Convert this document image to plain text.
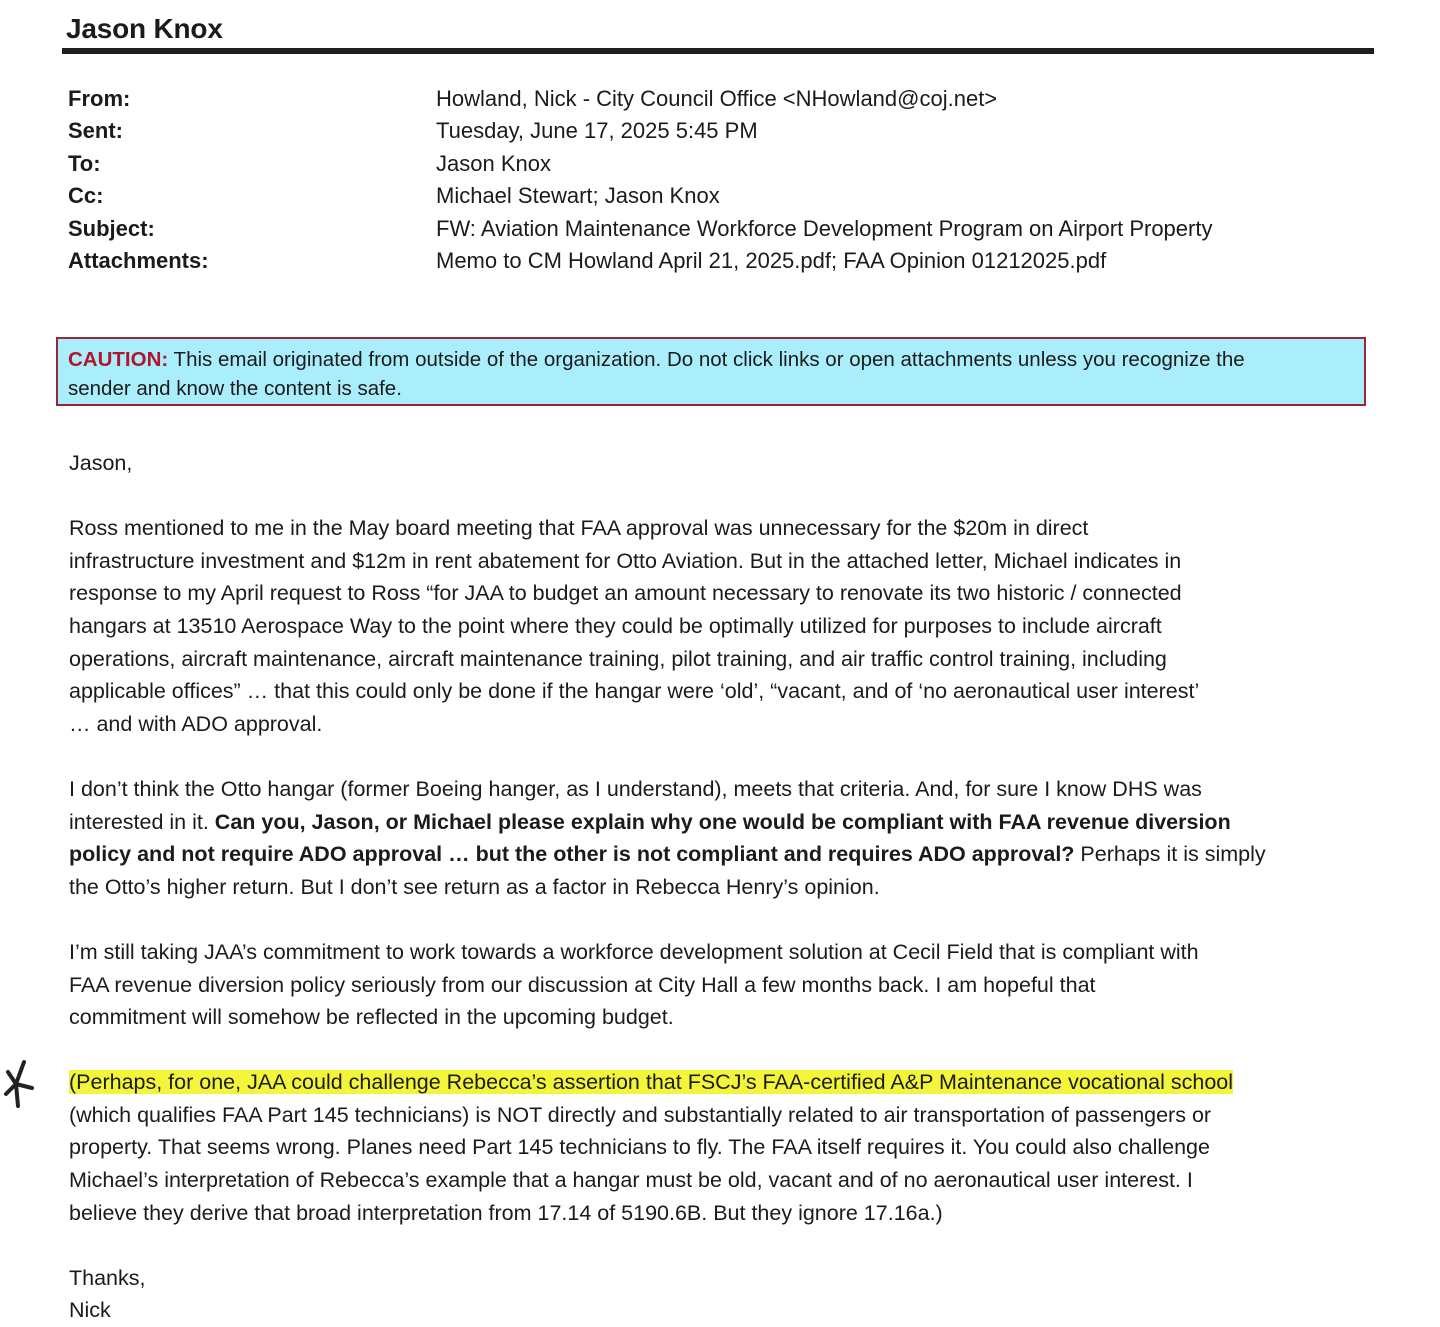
Jason Knox
From:	Howland, Nick - City Council Office <NHowland@coj.net>
Sent:	Tuesday, June 17, 2025 5:45 PM
To:	Jason Knox
Cc:	Michael Stewart; Jason Knox
Subject:	FW: Aviation Maintenance Workforce Development Program on Airport Property
Attachments:	Memo to CM Howland April 21, 2025.pdf; FAA Opinion 01212025.pdf
CAUTION: This email originated from outside of the organization. Do not click links or open attachments unless you recognize the
sender and know the content is safe.

Jason,

Ross mentioned to me in the May board meeting that FAA approval was unnecessary for the $20m in direct

infrastructure investment and $12m in rent abatement for Otto Aviation. But in the attached letter, Michael indicates in

response to my April request to Ross “for JAA to budget an amount necessary to renovate its two historic / connected

hangars at 13510 Aerospace Way to the point where they could be optimally utilized for purposes to include aircraft

operations, aircraft maintenance, aircraft maintenance training, pilot training, and air traffic control training, including

applicable offices” … that this could only be done if the hangar were ‘old’, “vacant, and of ‘no aeronautical user interest’

… and with ADO approval.

I don’t think the Otto hangar (former Boeing hanger, as I understand), meets that criteria. And, for sure I know DHS was

interested in it. Can you, Jason, or Michael please explain why one would be compliant with FAA revenue diversion

policy and not require ADO approval … but the other is not compliant and requires ADO approval? Perhaps it is simply

the Otto’s higher return. But I don’t see return as a factor in Rebecca Henry’s opinion.

I’m still taking JAA’s commitment to work towards a workforce development solution at Cecil Field that is compliant with

FAA revenue diversion policy seriously from our discussion at City Hall a few months back. I am hopeful that

commitment will somehow be reflected in the upcoming budget.

(Perhaps, for one, JAA could challenge Rebecca’s assertion that FSCJ’s FAA-certified A&P Maintenance vocational school

(which qualifies FAA Part 145 technicians) is NOT directly and substantially related to air transportation of passengers or

property. That seems wrong. Planes need Part 145 technicians to fly. The FAA itself requires it. You could also challenge

Michael’s interpretation of Rebecca’s example that a hangar must be old, vacant and of no aeronautical user interest. I

believe they derive that broad interpretation from 17.14 of 5190.6B. But they ignore 17.16a.)

Thanks,

Nick
